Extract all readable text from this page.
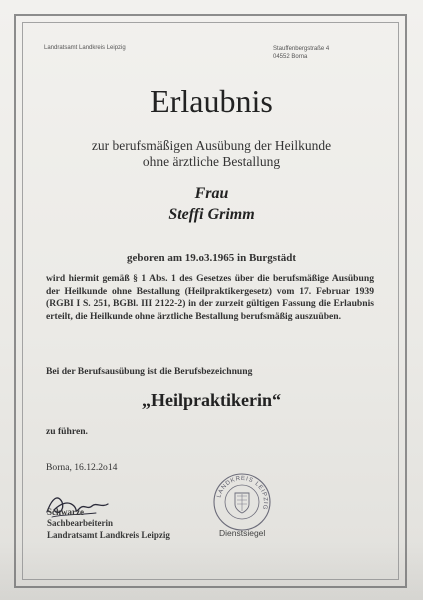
Landratsamt Landkreis Leipzig	Stauffenbergstraße 4
04552 Borna
Erlaubnis
zur berufsmäßigen Ausübung der Heilkunde
ohne ärztliche Bestallung
Frau
Steffi Grimm
geboren am 19.o3.1965 in Burgstädt
wird hiermit gemäß § 1 Abs. 1 des Gesetzes über die berufsmäßige Ausübung der Heilkunde ohne Bestallung (Heilpraktikergesetz) vom 17. Februar 1939 (RGBI I S. 251, BGBl. III 2122-2) in der zurzeit gültigen Fassung die Erlaubnis erteilt, die Heilkunde ohne ärztliche Bestallung berufsmäßig auszuüben.
Bei der Berufsausübung ist die Berufsbezeichnung
„Heilpraktikerin“
zu führen.
Borna, 16.12.2o14
Schwarze
Sachbearbeiterin
Landratsamt Landkreis Leipzig
LANDKREIS LEIPZIG
Dienstsiegel
